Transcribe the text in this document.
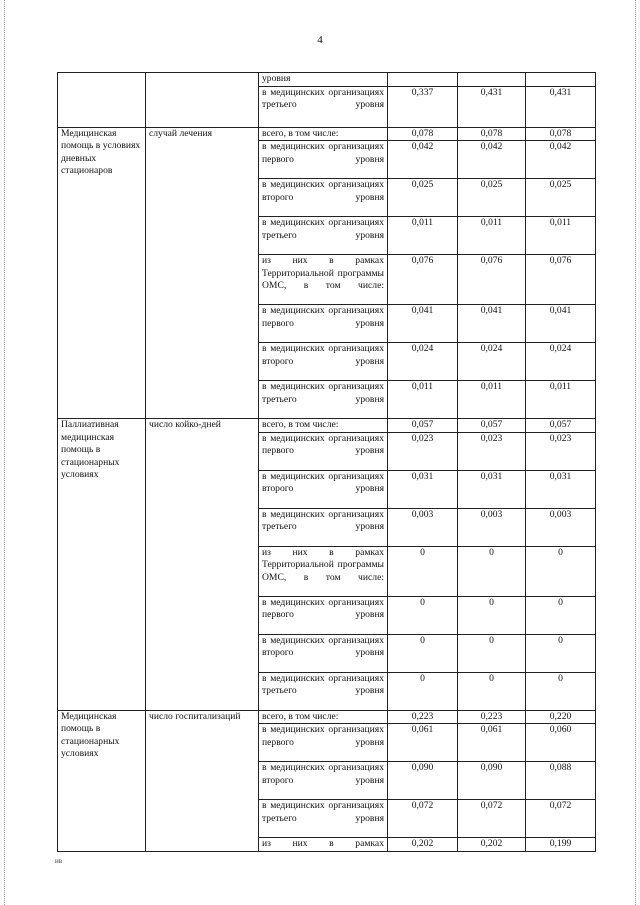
4
		уровня			
		в медицинских организациях третьего уровня	0,337	0,431	0,431
Медицинская помощь в условиях дневных стационаров	случай лечения	всего, в том числе:	0,078	0,078	0,078
		в медицинских организациях первого уровня	0,042	0,042	0,042
		в медицинских организациях второго уровня	0,025	0,025	0,025
		в медицинских организациях третьего уровня	0,011	0,011	0,011
		из них в рамках Территориальной программы ОМС, в том числе:	0,076	0,076	0,076
		в медицинских организациях первого уровня	0,041	0,041	0,041
		в медицинских организациях второго уровня	0,024	0,024	0,024
		в медицинских организациях третьего уровня	0,011	0,011	0,011
Паллиативная медицинская помощь в стационарных условиях	число койко-дней	всего, в том числе:	0,057	0,057	0,057
		в медицинских организациях первого уровня	0,023	0,023	0,023
		в медицинских организациях второго уровня	0,031	0,031	0,031
		в медицинских организациях третьего уровня	0,003	0,003	0,003
		из них в рамках Территориальной программы ОМС, в том числе:	0	0	0
		в медицинских организациях первого уровня	0	0	0
		в медицинских организациях второго уровня	0	0	0
		в медицинских организациях третьего уровня	0	0	0
Медицинская помощь в стационарных условиях	число госпитализаций	всего, в том числе:	0,223	0,223	0,220
		в медицинских организациях первого уровня	0,061	0,061	0,060
		в медицинских организациях второго уровня	0,090	0,090	0,088
		в медицинских организациях третьего уровня	0,072	0,072	0,072
		из них в рамках	0,202	0,202	0,199
нв
